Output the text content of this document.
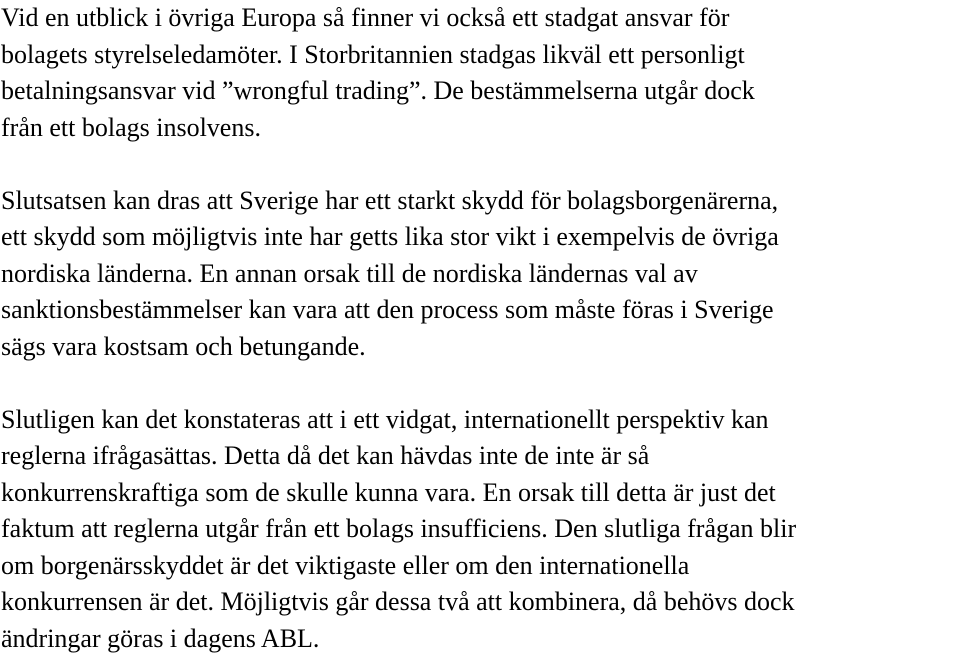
Vid en utblick i övriga Europa så finner vi också ett stadgat ansvar för
bolagets styrelseledamöter. I Storbritannien stadgas likväl ett personligt
betalningsansvar vid ”wrongful trading”. De bestämmelserna utgår dock
från ett bolags insolvens.
Slutsatsen kan dras att Sverige har ett starkt skydd för bolagsborgenärerna,
ett skydd som möjligtvis inte har getts lika stor vikt i exempelvis de övriga
nordiska länderna. En annan orsak till de nordiska ländernas val av
sanktionsbestämmelser kan vara att den process som måste föras i Sverige
sägs vara kostsam och betungande.
Slutligen kan det konstateras att i ett vidgat, internationellt perspektiv kan
reglerna ifrågasättas. Detta då det kan hävdas inte de inte är så
konkurrenskraftiga som de skulle kunna vara. En orsak till detta är just det
faktum att reglerna utgår från ett bolags insufficiens. Den slutliga frågan blir
om borgenärsskyddet är det viktigaste eller om den internationella
konkurrensen är det. Möjligtvis går dessa två att kombinera, då behövs dock
ändringar göras i dagens ABL.
